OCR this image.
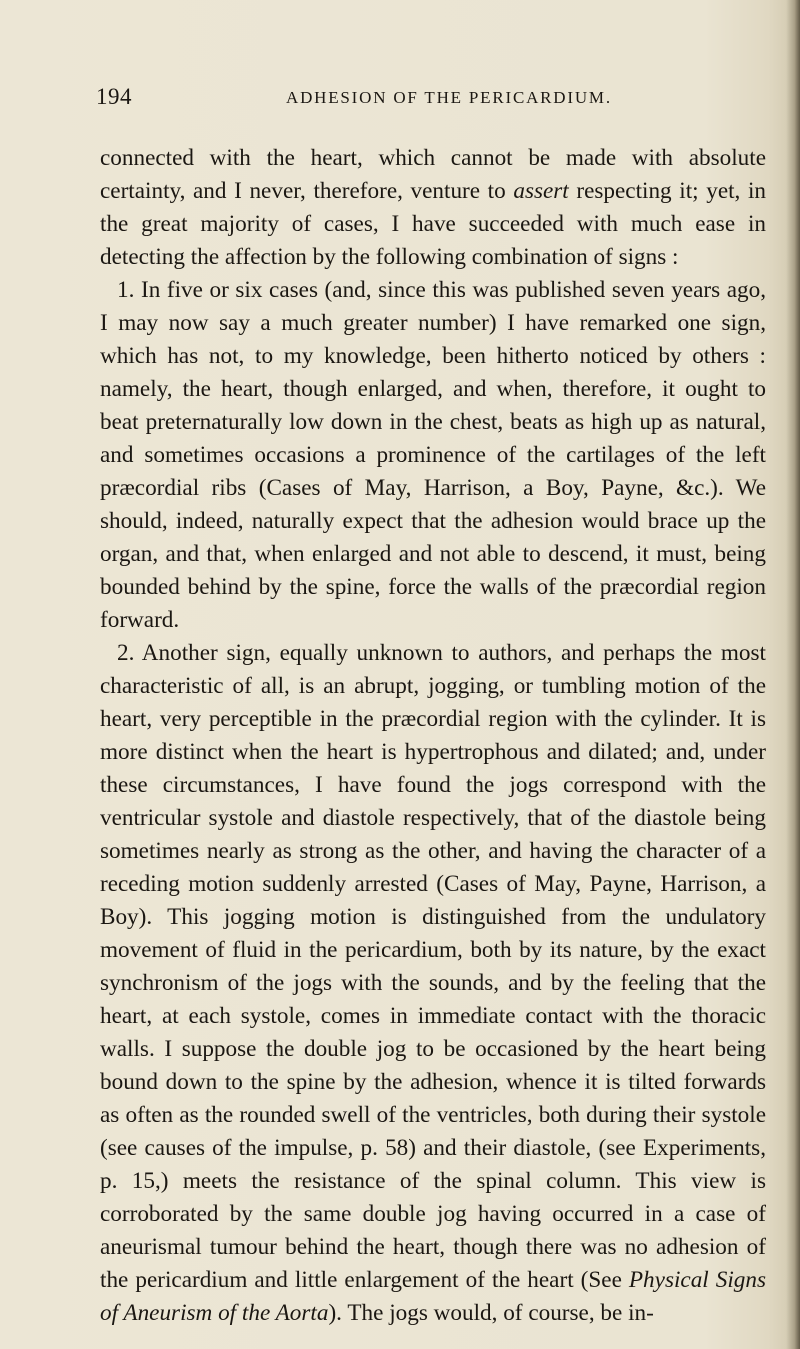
194	ADHESION OF THE PERICARDIUM.

connected with the heart, which cannot be made with absolute certainty, and I never, therefore, venture to assert respecting it; yet, in the great majority of cases, I have succeeded with much ease in detecting the affection by the following combination of signs :

1. In five or six cases (and, since this was published seven years ago, I may now say a much greater number) I have remarked one sign, which has not, to my knowledge, been hitherto noticed by others : namely, the heart, though enlarged, and when, therefore, it ought to beat preternaturally low down in the chest, beats as high up as natural, and sometimes occasions a prominence of the cartilages of the left præcordial ribs (Cases of May, Harrison, a Boy, Payne, &c.). We should, indeed, naturally expect that the adhesion would brace up the organ, and that, when enlarged and not able to descend, it must, being bounded behind by the spine, force the walls of the præcordial region forward.

2. Another sign, equally unknown to authors, and perhaps the most characteristic of all, is an abrupt, jogging, or tumbling motion of the heart, very perceptible in the præcordial region with the cylinder. It is more distinct when the heart is hypertrophous and dilated; and, under these circumstances, I have found the jogs correspond with the ventricular systole and diastole respectively, that of the diastole being sometimes nearly as strong as the other, and having the character of a receding motion suddenly arrested (Cases of May, Payne, Harrison, a Boy). This jogging motion is distinguished from the undulatory movement of fluid in the pericardium, both by its nature, by the exact synchronism of the jogs with the sounds, and by the feeling that the heart, at each systole, comes in immediate contact with the thoracic walls. I suppose the double jog to be occasioned by the heart being bound down to the spine by the adhesion, whence it is tilted forwards as often as the rounded swell of the ventricles, both during their systole (see causes of the impulse, p. 58) and their diastole, (see Experiments, p. 15,) meets the resistance of the spinal column. This view is corroborated by the same double jog having occurred in a case of aneurismal tumour behind the heart, though there was no adhesion of the pericardium and little enlargement of the heart (See Physical Signs of Aneurism of the Aorta). The jogs would, of course, be in-
